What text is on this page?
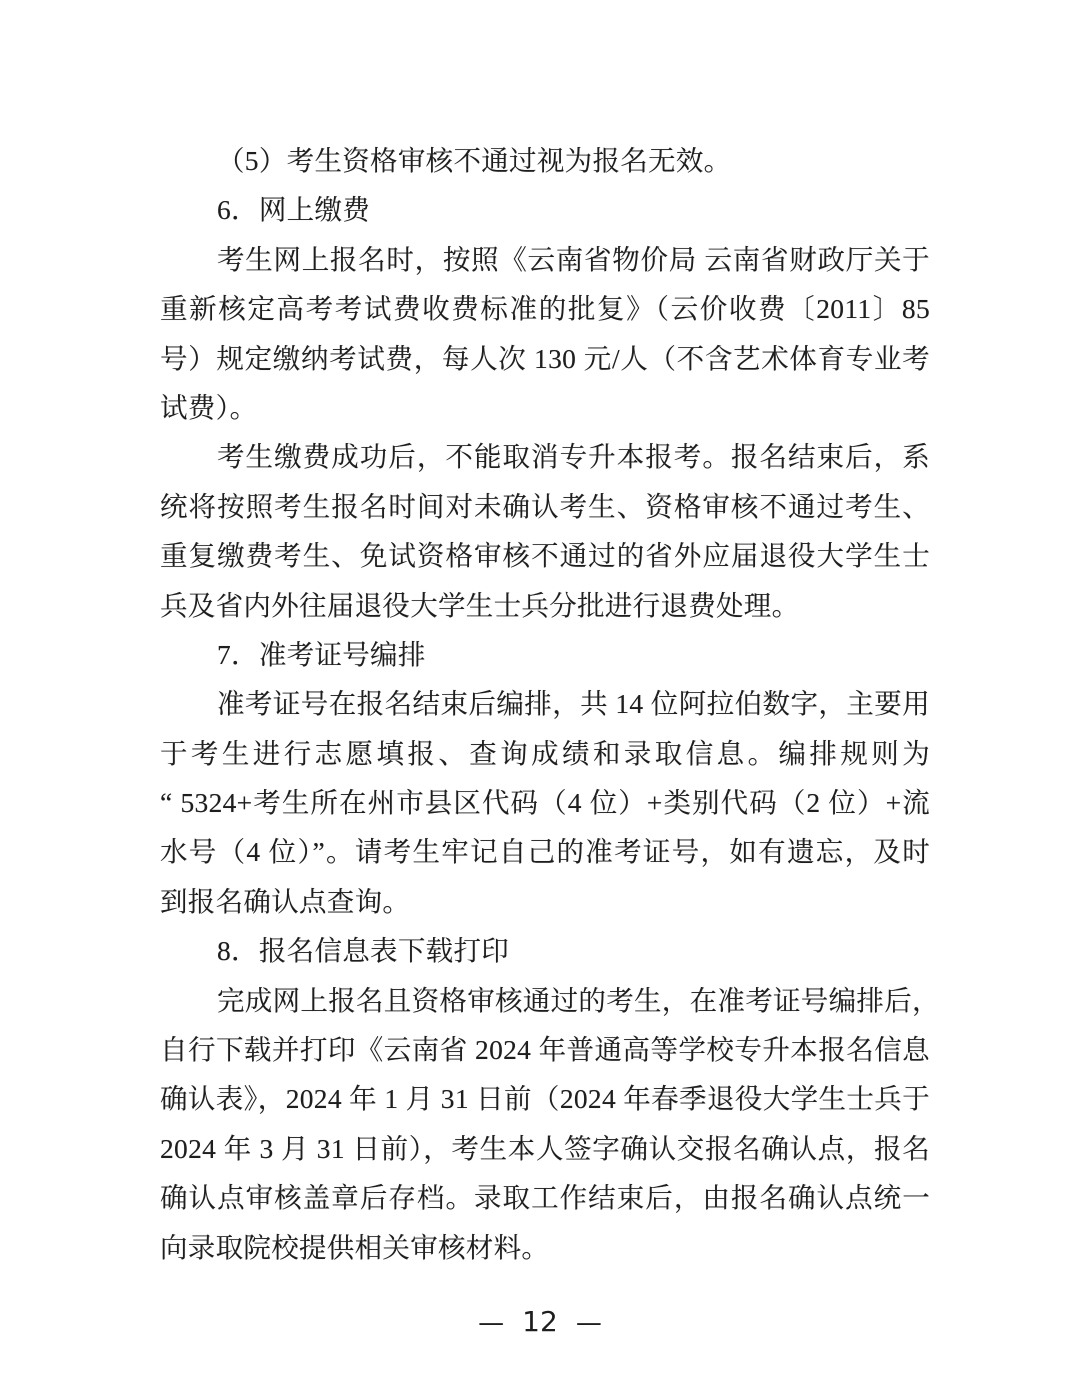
（5）考生资格审核不通过视为报名无效。
6．网上缴费
考生网上报名时，按照《云南省物价局 云南省财政厅关于
重新核定高考考试费收费标准的批复》（云价收费〔2011〕85
号）规定缴纳考试费，每人次 130 元/人（不含艺术体育专业考
试费）。
考生缴费成功后，不能取消专升本报考。报名结束后，系
统将按照考生报名时间对未确认考生、资格审核不通过考生、
重复缴费考生、免试资格审核不通过的省外应届退役大学生士
兵及省内外往届退役大学生士兵分批进行退费处理。
7．准考证号编排
准考证号在报名结束后编排，共 14 位阿拉伯数字，主要用
于考生进行志愿填报、查询成绩和录取信息。编排规则为
“ 5324+考生所在州市县区代码（4 位）+类别代码（2 位）+流
水号（4 位）”。请考生牢记自己的准考证号，如有遗忘，及时
到报名确认点查询。
8．报名信息表下载打印
完成网上报名且资格审核通过的考生，在准考证号编排后，
自行下载并打印《云南省 2024 年普通高等学校专升本报名信息
确认表》，2024 年 1 月 31 日前（2024 年春季退役大学生士兵于
2024 年 3 月 31 日前），考生本人签字确认交报名确认点，报名
确认点审核盖章后存档。录取工作结束后，由报名确认点统一
向录取院校提供相关审核材料。
— 12 —
